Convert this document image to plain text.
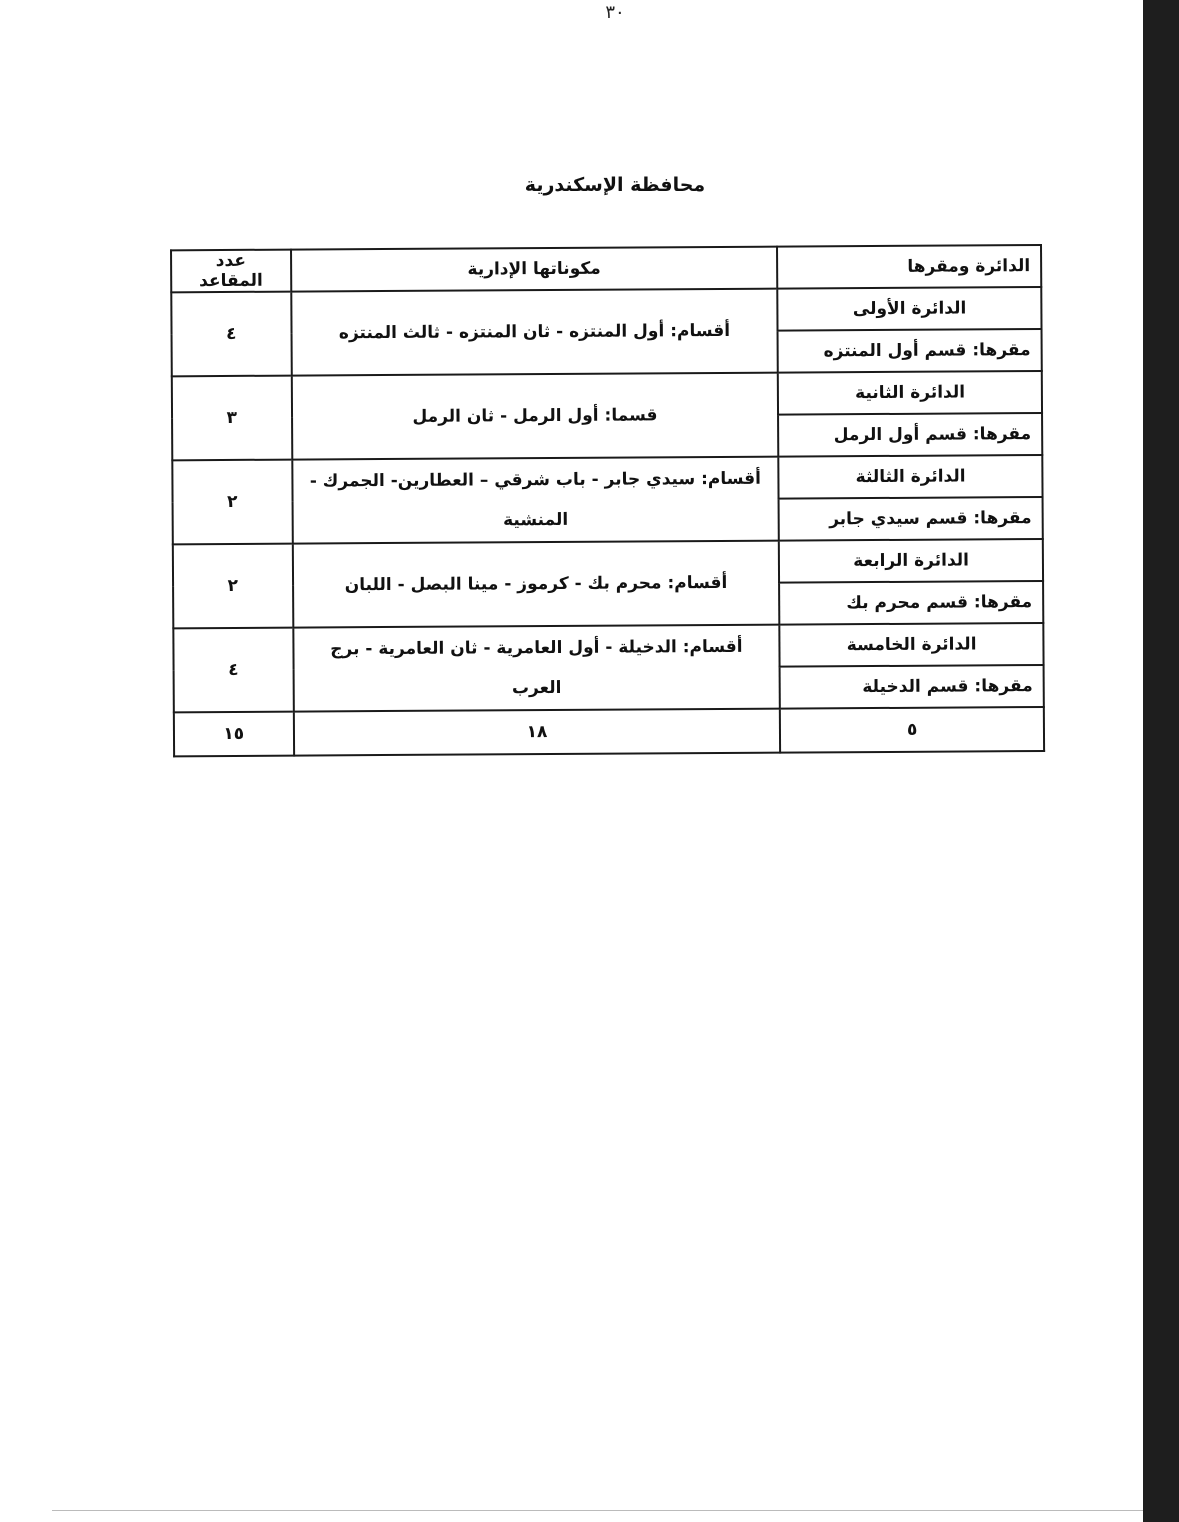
٣٠
محافظة الإسكندرية
الدائرة ومقرها	مكوناتها الإدارية	عدد المقاعد
الدائرة الأولى	أقسام: أول المنتزه - ثان المنتزه - ثالث المنتزه	٤
مقرها: قسم أول المنتزه		
الدائرة الثانية	قسما: أول الرمل - ثان الرمل	٣
مقرها: قسم أول الرمل		
الدائرة الثالثة	أقسام: سيدي جابر - باب شرقي – العطارين- الجمرك - المنشية	٢
مقرها: قسم سيدي جابر		
الدائرة الرابعة	أقسام: محرم بك - كرموز - مينا البصل - اللبان	٢
مقرها: قسم محرم بك		
الدائرة الخامسة	أقسام: الدخيلة - أول العامرية - ثان العامرية - برج العرب	٤
مقرها: قسم الدخيلة		
٥	١٨	١٥
